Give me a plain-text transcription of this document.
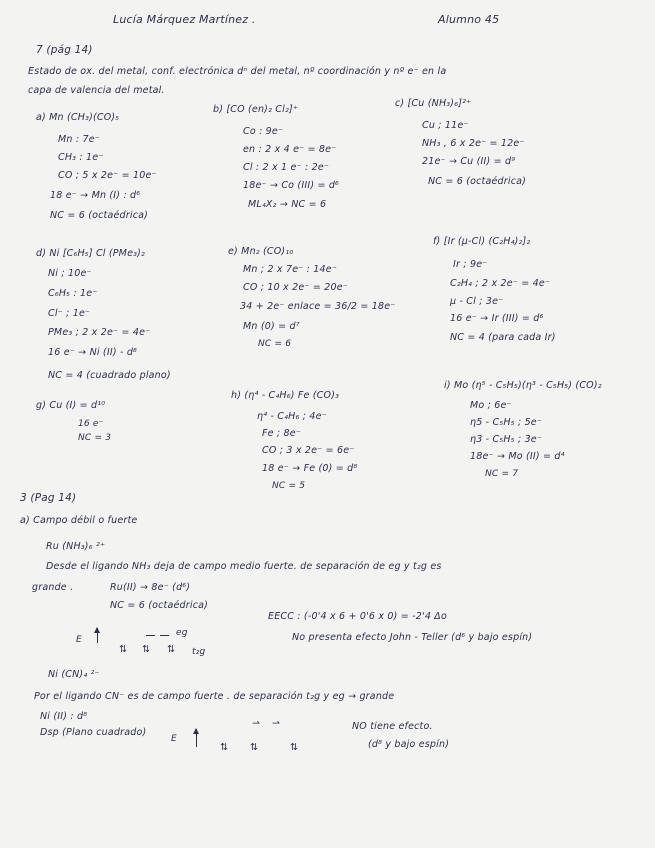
Lucía Márquez Martínez .	Alumno 45
7 (pág 14)
Estado de ox. del metal, conf. electrónica dⁿ del metal, nº coordinación y nº e⁻ en la
capa de valencia del metal.
a) Mn (CH₃)(CO)₅
Mn : 7e⁻
CH₃ : 1e⁻
CO ; 5 x 2e⁻ = 10e⁻
18 e⁻ → Mn (I) : d⁶
NC = 6 (octaédrica)
b) [CO (en)₂ Cl₂]⁺
Co : 9e⁻
en : 2 x 4 e⁻ = 8e⁻
Cl : 2 x 1 e⁻ : 2e⁻
18e⁻ → Co (III) = d⁶
ML₄X₂ → NC = 6
c) [Cu (NH₃)₆]²⁺
Cu ; 11e⁻
NH₃ , 6 x 2e⁻ = 12e⁻
21e⁻ → Cu (II) = d⁹
NC = 6 (octaédrica)
d) Ni [C₆H₅] Cl (PMe₃)₂
Ni ; 10e⁻
C₆H₅ : 1e⁻
Cl⁻ ; 1e⁻
PMe₃ ; 2 x 2e⁻ = 4e⁻
16 e⁻ → Ni (II) - d⁸
NC = 4 (cuadrado plano)
e) Mn₂ (CO)₁₀
Mn ; 2 x 7e⁻ : 14e⁻
CO ; 10 x 2e⁻ = 20e⁻
34 + 2e⁻ enlace = 36/2 = 18e⁻
Mn (0) = d⁷
NC = 6
f) [Ir (μ-Cl) (C₂H₄)₂]₂
Ir ; 9e⁻
C₂H₄ ; 2 x 2e⁻ = 4e⁻
μ - Cl ; 3e⁻
16 e⁻ → Ir (III) = d⁶
NC = 4 (para cada Ir)
g) Cu (I) = d¹⁰
16 e⁻
NC = 3
h) (η⁴ - C₄H₆) Fe (CO)₃
η⁴ - C₄H₆ ; 4e⁻
Fe ; 8e⁻
CO ; 3 x 2e⁻ = 6e⁻
18 e⁻ → Fe (0) = d⁸
NC = 5
i) Mo (η⁵ - C₅H₅)(η³ - C₅H₅) (CO)₂
Mo ; 6e⁻
η5 - C₅H₅ ; 5e⁻
η3 - C₅H₅ ; 3e⁻
18e⁻ → Mo (II) = d⁴
NC = 7
3 (Pag 14)
a) Campo débil o fuerte
Ru (NH₃)₆ ²⁺
Desde el ligando NH₃ deja de campo medio fuerte. de separación de eg y t₂g es
grande .	Ru(II) → 8e⁻ (d⁶)
NC = 6 (octaédrica)
EECC : (-0'4 x 6 + 0'6 x 0) = -2'4 Δo
No presenta efecto John - Teller (d⁶ y bajo espín)
E
eg
⇅ ⇅ ⇅ t₂g
Ni (CN)₄ ²⁻
Por el ligando CN⁻ es de campo fuerte . de separación t₂g y eg → grande
Ni (II) : d⁸
Dsp (Plano cuadrado)
E
⇀ ⇀
⇅ ⇅	⇅
NO tiene efecto.
(d⁸ y bajo espín)
